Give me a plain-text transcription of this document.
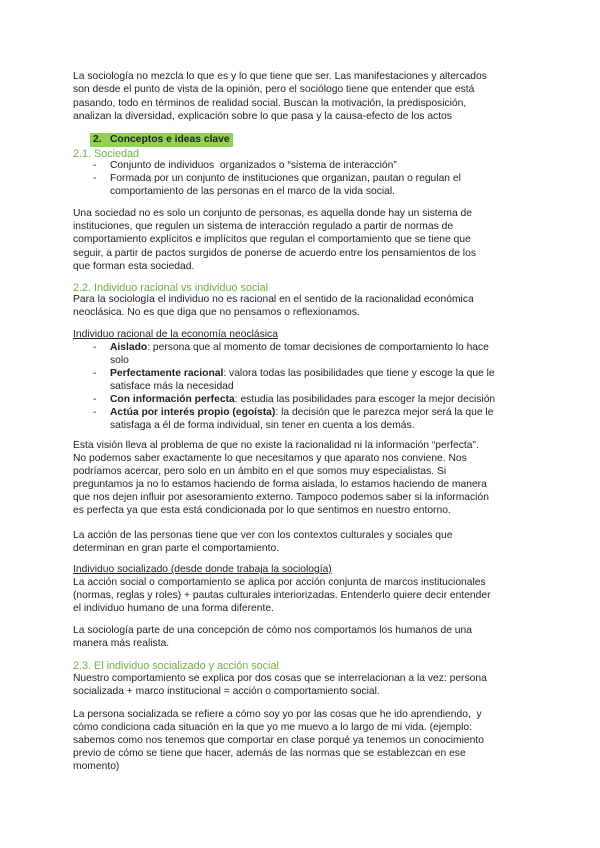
La sociología no mezcla lo que es y lo que tiene que ser. Las manifestaciones y altercados
son desde el punto de vista de la opinión, pero el sociólogo tiene que entender que está
pasando, todo en términos de realidad social. Buscan la motivación, la predisposición,
analizan la diversidad, explicación sobre lo que pasa y la causa-efecto de los actos
2. Conceptos e ideas clave
2.1. Sociedad
- Conjunto de individuos  organizados o “sistema de interacción”
- Formada por un conjunto de instituciones que organizan, pautan o regulan el
comportamiento de las personas en el marco de la vida social.
Una sociedad no es solo un conjunto de personas, es aquella donde hay un sistema de
instituciones, que regulen un sistema de interacción regulado a partir de normas de
comportamiento explícitos e implícitos que regulan el comportamiento que se tiene que
seguir, a partir de pactos surgidos de ponerse de acuerdo entre los pensamientos de los
que forman esta sociedad.
2.2. Individuo racional vs individuo social
Para la sociología el individuo no es racional en el sentido de la racionalidad económica
neoclásica. No es que diga que no pensamos o reflexionamos.
Individuo racional de la economía neoclásica
- Aislado: persona que al momento de tomar decisiones de comportamiento lo hace
solo
- Perfectamente racional: valora todas las posibilidades que tiene y escoge la que le
satisface más la necesidad
- Con información perfecta: estudia las posibilidades para escoger la mejor decisión
- Actúa por interés propio (egoísta): la decisión que le parezca mejor será la que le
satisfaga a él de forma individual, sin tener en cuenta a los demás.
Esta visión lleva al problema de que no existe la racionalidad ni la información “perfecta”.
No podemos saber exactamente lo que necesitamos y que aparato nos conviene. Nos
podríamos acercar, pero solo en un ámbito en el que somos muy especialistas. Si
preguntamos ja no lo estamos haciendo de forma aislada, lo estamos haciendo de manera
que nos dejen influir por asesoramiento externo. Tampoco podemos saber si la información
es perfecta ya que esta está condicionada por lo que sentimos en nuestro entorno.
La acción de las personas tiene que ver con los contextos culturales y sociales que
determinan en gran parte el comportamiento.
Individuo socializado (desde donde trabaja la sociología)
La acción social o comportamiento se aplica por acción conjunta de marcos institucionales
(normas, reglas y roles) + pautas culturales interiorizadas. Entenderlo quiere decir entender
el individuo humano de una forma diferente.
La sociología parte de una concepción de cómo nos comportamos los humanos de una
manera más realista.
2.3. El individuo socializado y acción social
Nuestro comportamiento se explica por dos cosas que se interrelacionan a la vez: persona
socializada + marco institucional = acción o comportamiento social.
La persona socializada se refiere a cómo soy yo por las cosas que he ido aprendiendo,  y
cómo condiciona cada situación en la que yo me muevo a lo largo de mi vida. (ejemplo:
sabemos como nos tenemos que comportar en clase porqué ya tenemos un conocimiento
previo de cómo se tiene que hacer, además de las normas que se establezcan en ese
momento)
